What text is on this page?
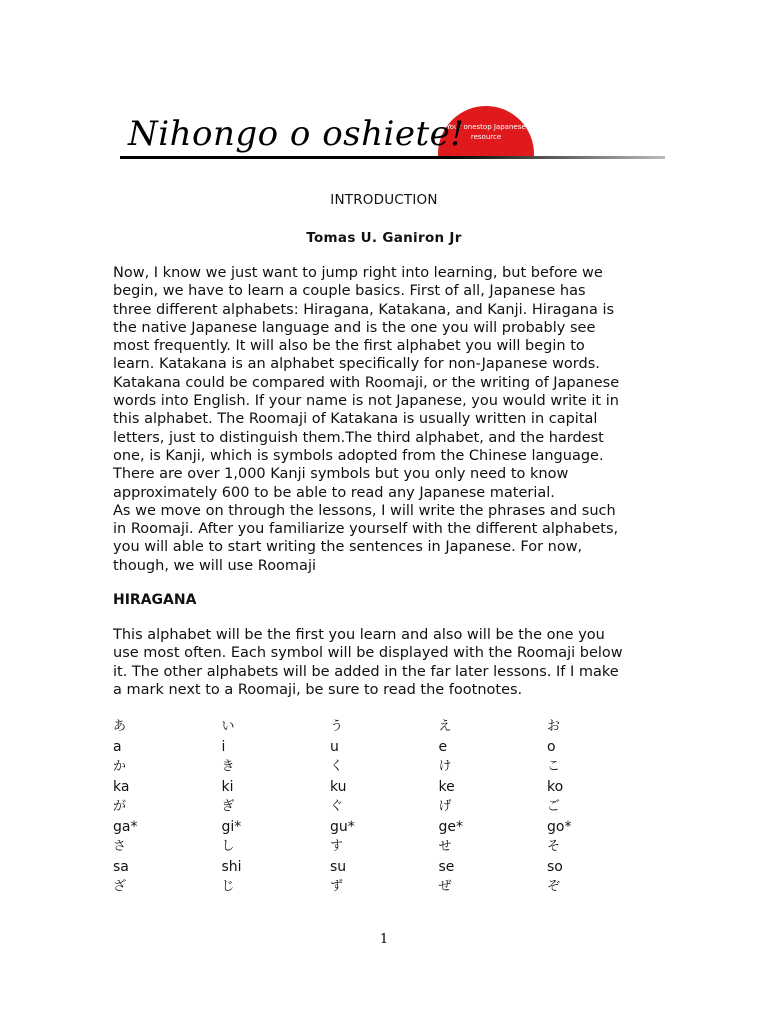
Your onestop Japanese resource
Nihongo o oshiete!
INTRODUCTION
Tomas U. Ganiron Jr
Now, I know we just want to jump right into learning, but before we
begin, we have to learn a couple basics. First of all, Japanese has
three different alphabets: Hiragana, Katakana, and Kanji. Hiragana is
the native Japanese language and is the one you will probably see
most frequently. It will also be the first alphabet you will begin to
learn. Katakana is an alphabet specifically for non-Japanese words.
Katakana could be compared with Roomaji, or the writing of Japanese
words into English. If your name is not Japanese, you would write it in
this alphabet. The Roomaji of Katakana is usually written in capital
letters, just to distinguish them.The third alphabet, and the hardest
one, is Kanji, which is symbols adopted from the Chinese language.
There are over 1,000 Kanji symbols but you only need to know
approximately 600 to be able to read any Japanese material.
As we move on through the lessons, I will write the phrases and such
in Roomaji. After you familiarize yourself with the different alphabets,
you will able to start writing the sentences in Japanese. For now,
though, we will use Roomaji
HIRAGANA
This alphabet will be the first you learn and also will be the one you
use most often. Each symbol will be displayed with the Roomaji below
it. The other alphabets will be added in the far later lessons. If I make
a mark next to a Roomaji, be sure to read the footnotes.
あ	い	う	え	お
a	i	u	e	o
か	き	く	け	こ
ka	ki	ku	ke	ko
が	ぎ	ぐ	げ	ご
ga*	gi*	gu*	ge*	go*
さ	し	す	せ	そ
sa	shi	su	se	so
ざ	じ	ず	ぜ	ぞ
1
